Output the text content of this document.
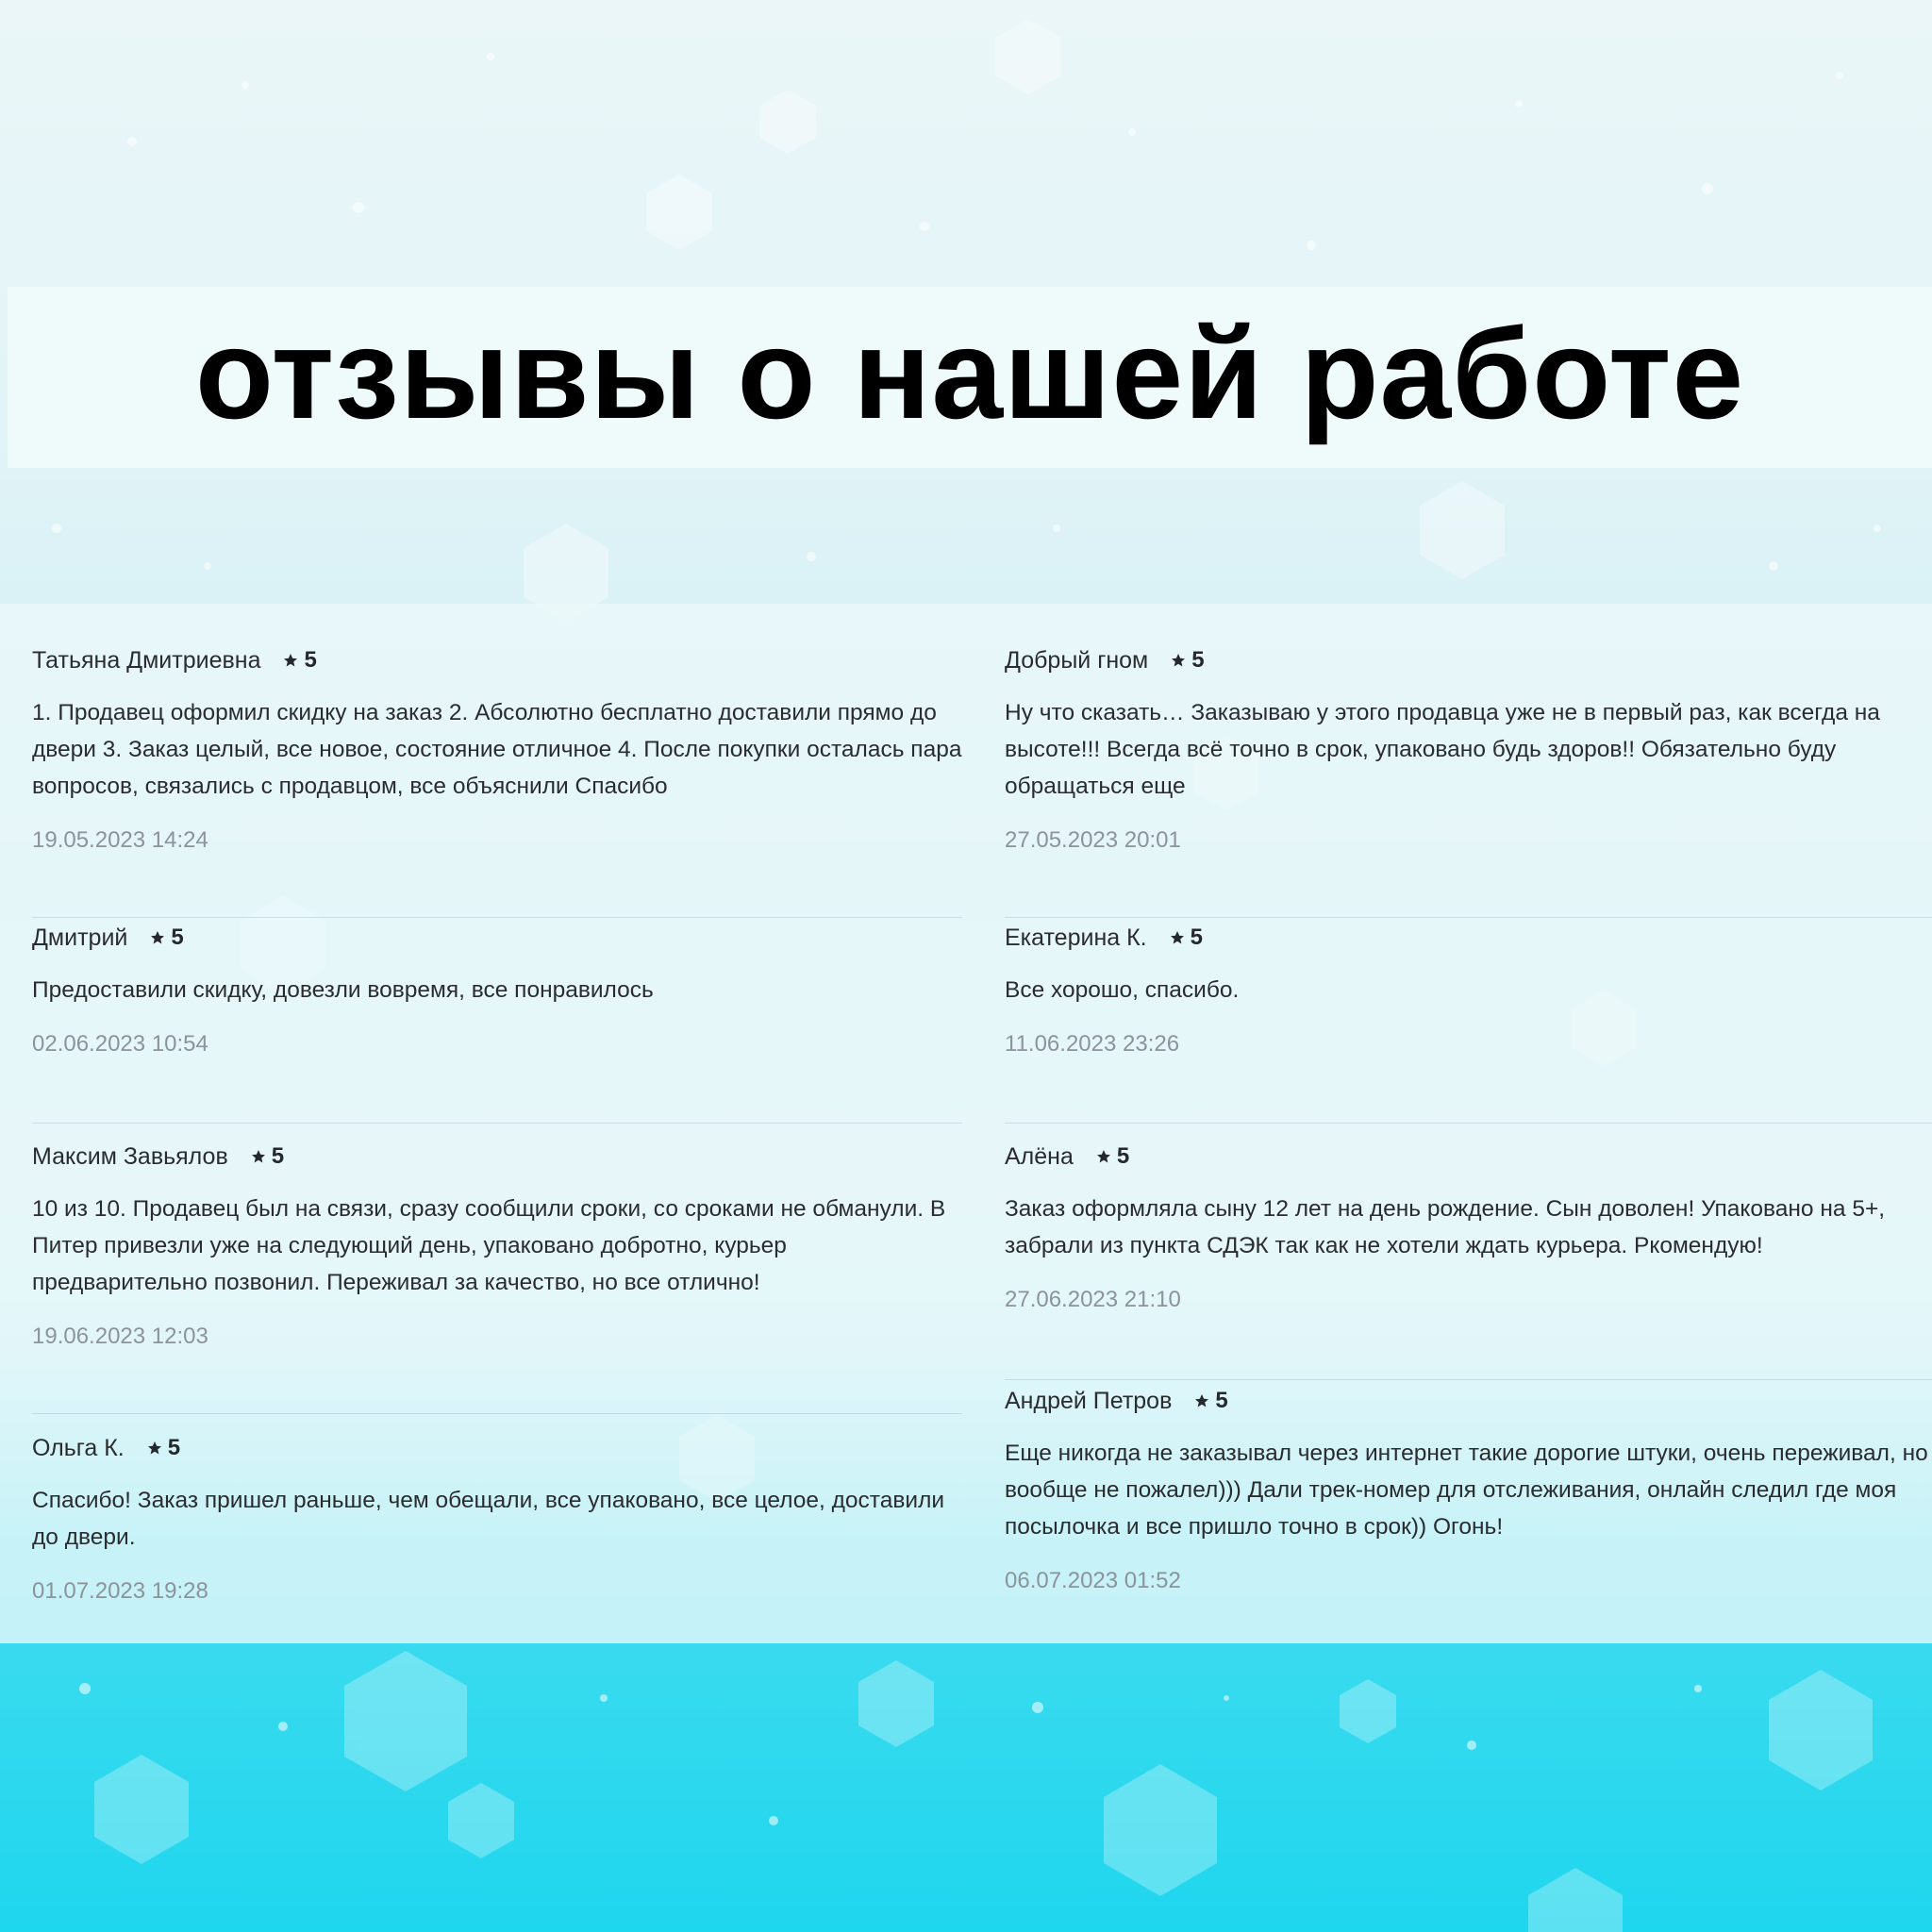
отзывы о нашей работе
Татьяна Дмитриевна 5
1. Продавец оформил скидку на заказ 2. Абсолютно бесплатно доставили прямо до двери 3. Заказ целый, все новое, состояние отличное 4. После покупки осталась пара вопросов, связались с продавцом, все объяснили Спасибо
19.05.2023 14:24
Дмитрий 5
Предоставили скидку, довезли вовремя, все понравилось
02.06.2023 10:54
Максим Завьялов 5
10 из 10. Продавец был на связи, сразу сообщили сроки, со сроками не обманули. В Питер привезли уже на следующий день, упаковано добротно, курьер предварительно позвонил. Переживал за качество, но все отлично!
19.06.2023 12:03
Ольга К. 5
Спасибо! Заказ пришел раньше, чем обещали, все упаковано, все целое, доставили до двери.
01.07.2023 19:28
Добрый гном 5
Ну что сказать… Заказываю у этого продавца уже не в первый раз, как всегда на высоте!!! Всегда всё точно в срок, упаковано будь здоров!! Обязательно буду обращаться еще
27.05.2023 20:01
Екатерина К. 5
Все хорошо, спасибо.
11.06.2023 23:26
Алёна 5
Заказ оформляла сыну 12 лет на день рождение. Сын доволен! Упаковано на 5+, забрали из пункта СДЭК так как не хотели ждать курьера. Ркомендую!
27.06.2023 21:10
Андрей Петров 5
Еще никогда не заказывал через интернет такие дорогие штуки, очень переживал, но вообще не пожалел))) Дали трек-номер для отслеживания, онлайн следил где моя посылочка и все пришло точно в срок)) Огонь!
06.07.2023 01:52
